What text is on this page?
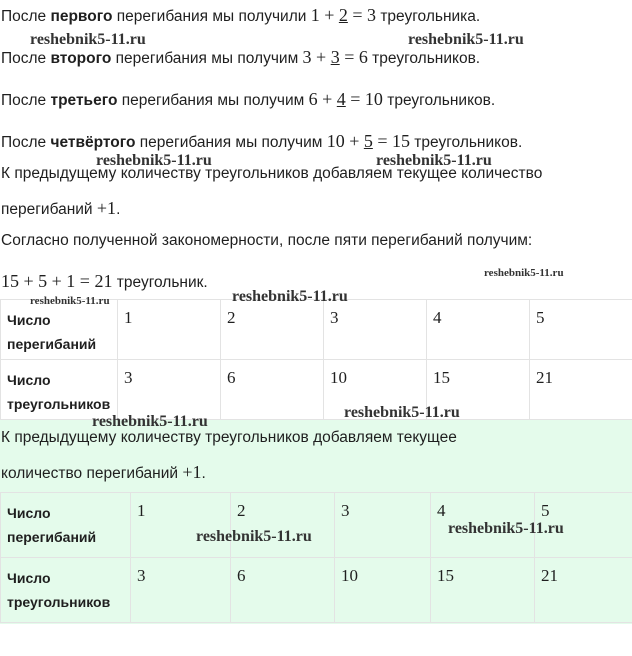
После первого перегибания мы получили 1 + 2 = 3 треугольника.
После второго перегибания мы получим 3 + 3 = 6 треугольников.
После третьего перегибания мы получим 6 + 4 = 10 треугольников.
После четвёртого перегибания мы получим 10 + 5 = 15 треугольников.
К предыдущему количеству треугольников добавляем текущее количество
перегибаний +1.
Согласно полученной закономерности, после пяти перегибаний получим:
15 + 5 + 1 = 21 треугольник.
Число
перегибаний	1	2	3	4	5
Число
треугольников	3	6	10	15	21
К предыдущему количеству треугольников добавляем текущее
количество перегибаний +1.
Число
перегибаний	1	2	3	4	5
Число
треугольников	3	6	10	15	21
reshebnik5-11.ru	reshebnik5-11.ru
reshebnik5-11.ru	reshebnik5-11.ru
reshebnik5-11.ru
reshebnik5-11.ru	reshebnik5-11.ru
reshebnik5-11.ru
reshebnik5-11.ru
reshebnik5-11.ru	reshebnik5-11.ru
